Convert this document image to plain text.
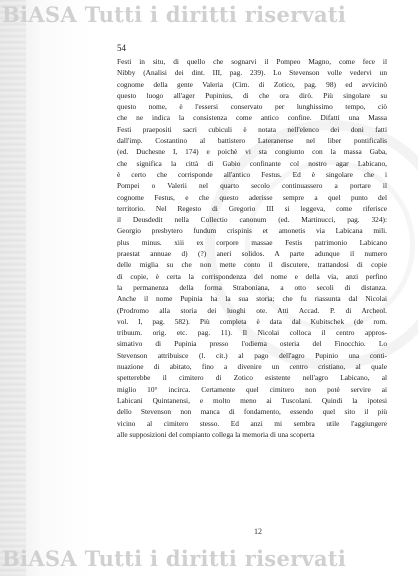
BiASA Tutti i diritti riservati
54
Festi in situ, di quello che sognarvi il Pompeo Magno, come fece il
Nibby (Analisi dei dint. III, pag. 239). Lo Stevenson volle vedervi un
cognome della gente Valeria (Cim. di Zotico, pag. 98) ed avvicinò
questo luogo all'ager Pupinius, di che ora dirò. Più singolare su
questo nome, è l'essersi conservato per lunghissimo tempo, ciò
che ne indica la consistenza come antico confine. Difatti una Massa
Festi praepositi sacri cubiculi è notata nell'elenco dei doni fatti
dall'imp. Costantino al battistero Lateranense nel liber pontificalis
(ed. Duchesne I, 174) e poichè vi sta congiunto con la massa Gaba,
che significa la città di Gabio confinante col nostro agar Labicano,
è certo che corrisponde all'antico Festus. Ed è singolare che i
Pompei o Valerii nel quarto secolo continuassero a portare il
cognome Festus, e che questo aderisse sempre a quel punto del
territorio. Nel Regesto di Gregorio III si leggeva, come riferisce
il Deusdedit nella Collectio canonum (ed. Martinucci, pag. 324):
Georgio presbytero fundum crispinis et amonetis via Labicana mili.
plus minus. xiii ex corpore massae Festis patrimonio Labicano
praestat annuae d) (?) aneri solidos. A parte adunque il numero
delle miglia su che non mette conto il discutere, trattandosi di copie
di copie, è certa la corrispondenza del nome e della via, anzi perfino
la permanenza della forma Straboniana, a otto secoli di distanza.
Anche il nome Pupinia ha la sua storia; che fu riassunta dal Nicolai
(Prodromo alla storia dei luoghi ote. Atti Accad. P. di Archeol.
vol. I, pag. 582). Più completa è data dal Kubitschek (de rom.
tribuum. orig. etc. pag. 11). Il Nicolai colloca il centro appros-
simativo di Pupinia presso l'odierna osteria del Finocchio. Lo
Stevenson attribuisce (l. cit.) al pago dell'agro Pupinio una conti-
nuazione di abitato, fino a divenire un centro cristiano, al quale
spetterebbe il cimitero di Zotico esistente nell'agro Labicano, al
miglio 10° incirca. Certamente quel cimitero non potè servire ai
Labicani Quintanensi, e molto meno ai Tuscolani. Quindi la ipotesi
dello Stevenson non manca di fondamento, essendo quel sito il più
vicino al cimitero stesso. Ed anzi mi sembra utile l'aggiungere
alle supposizioni del compianto collega la memoria di una scoperta
12
BiASA Tutti i diritti riservati
